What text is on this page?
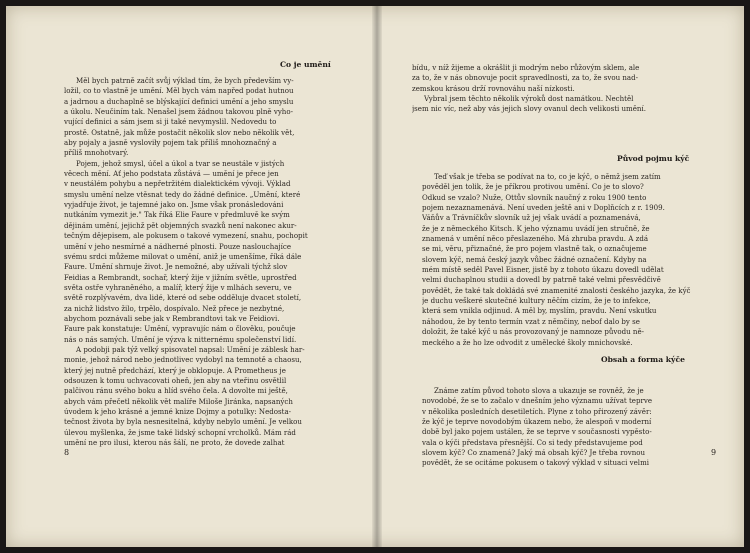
Co je umění
Měl bych patrně začít svůj výklad tím, že bych především vy-
ložil, co to vlastně je umění. Měl bych vám napřed podat hutnou
a jadrnou a duchaplně se blýskající definici umění a jeho smyslu
a úkolu. Neučiním tak. Nenašel jsem žádnou takovou plně vyho-
vující definici a sám jsem si ji také nevymyslil. Nedovedu to
prostě. Ostatně, jak může postačit několik slov nebo několik vět,
aby pojaly a jasně vysloviły pojem tak příliš mnohoznačný a
příliš mnohotvarý.
Pojem, jehož smysl, účel a úkol a tvar se neustále v jistých
věcech mění. Ať jeho podstata zůstává — umění je přece jen
v neustálém pohybu a nepřetržitém dialektickém vývoji. Výklad
smyslu umění nelze vtěsnat tedy do žádné definice. „Umění, které
vyjadřuje život, je tajemné jako on. Jsme však pronásledováni
nutkáním vymezit je." Tak říká Elie Faure v předmluvě ke svým
dějinám umění, jejichž pět objemných svazků není nakonec akur-
tečným dějepisem, ale pokusem o takové vymezení, snahu, pochopit
umění v jeho nesmírné a nádherné plnosti. Pouze naslouchajíce
svému srdci můžeme milovat o umění, aniž je umenšíme, říká dále
Faure. Umění shrnuje život. Je nemožné, aby užívali týchž slov
Feidias a Rembrandt, sochař, který žije v jižním světle, uprostřed
světa ostře vyhraněného, a malíř, který žije v mlhách severu, ve
světě rozplývavém, dva lidé, které od sebe odděluje dvacet století,
za nichž lidstvo žilo, trpělo, dospívalo. Než přece je nezbytné,
abychom poznávali sebe jak v Rembrandtovi tak ve Feidiovi.
Faure pak konstatuje: Umění, vypravujíc nám o člověku, poučuje
nás o nás samých. Umění je výzva k nitternému společenství lidí.
A podobji pak týž velký spisovatel napsal: Umění je záblesk har-
monie, jehož národ nebo jednotlivec vydobyl na temnotě a chaosu,
který jej nutně předchází, který je obklopuje. A Prometheus je
odsouzen k tomu uchvacovati oheň, jen aby na vteřinu osvětlil
palčivou ránu svého boku a hlíd svého čela. A dovolte mi ještě,
abych vám přečetl několik vět malíře Miloše Jiránka, napsaných
úvodem k jeho krásné a jemné knize Dojmy a potulky: Nedosta-
tečnost života by byla nesnesitelná, kdyby nebylo umění. Je velkou
úlevou myšlenka, že jsme také lidský schopní vrcholků. Mám rád
umění ne pro ilusi, kterou nás šálí, ne proto, že dovede zalhat
8
bídu, v níž žijeme a okrášlit ji modrým nebo růžovým sklem, ale
za to, že v nás obnovuje pocit spravedlnosti, za to, že svou nad-
zemskou krásou drží rovnováhu naší nízkosti.
Vybral jsem těchto několik výroků dost namátkou. Nechtěl
jsem nic víc, než aby vás jejich slovy ovanul dech velikosti umění.
Původ pojmu kýč
Teď však je třeba se podívat na to, co je kýč, o němž jsem zatím
pověděl jen tolik, že je příkrou protivou umění. Co je to slovo?
Odkud se vzalo? Nuže, Ottův slovník naučný z roku 1900 tento
pojem nezaznamenává. Není uveden ještě ani v Doplňcích z r. 1909.
Váňův a Trávníčkův slovník už jej však uvádí a poznamenává,
že je z německého Kitsch. K jeho významu uvádí jen stručně, že
znamená v umění něco přeslazeného. Má zhruba pravdu. A zdá
se mi, věru, přiznačné, že pro pojem vlastně tak, o označujeme
slovem kýč, nemá český jazyk vůbec žádné označení. Kdyby na
mém místě seděl Pavel Eisner, jistě by z tohoto úkazu dovedl udělat
velmi duchaplnou studii a dovedl by patrně také velmi přesvědčivě
povědět, že také tak dokládá své znamenité znalosti českého jazyka, že kýč
je duchu veškeré skutečné kultury něčím cizím, že je to infekce,
která sem vnikla odjinud. A měl by, myslím, pravdu. Není vskutku
náhodou, že by tento termín vzat z němčiny, nebof dalo by se
doložit, že také kýč u nás provozovaný je namnoze původu ně-
meckého a že ho lze odvodit z umělecké školy mnichovské.
Obsah a forma kýče
Známe zatím původ tohoto slova a ukazuje se rovněž, že je
novodobé, že se to začalo v dnešním jeho významu užívat teprve
v několika posledních desetiletích. Plyne z toho přirozený závěr:
že kýč je teprve novodobým úkazem nebo, že alespoň v moderní
době byl jako pojem ustálen, že se teprve v současnosti vypěsto-
vala o kýči představa přesnější. Co si tedy představujeme pod
slovem kýč? Co znamená? Jaký má obsah kýč? Je třeba rovnou
povědět, že se ocitáme pokusem o takový výklad v situaci velmi
9
